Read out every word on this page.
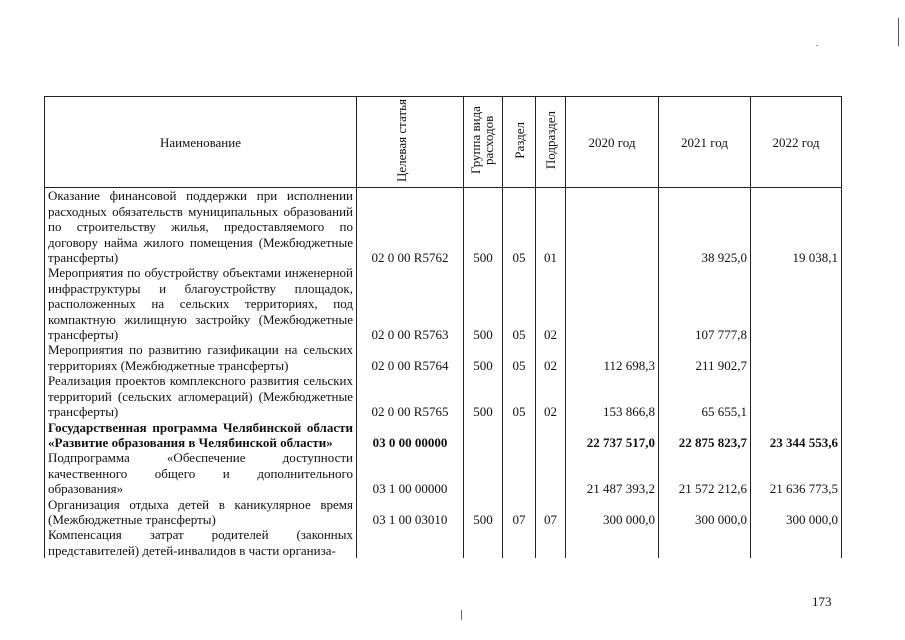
Наименование	Целевая статья	Группа вида расходов	Раздел	Подраздел	2020 год	2021 год	2022 год
Оказание финансовой поддержки при исполнении расходных обязательств муниципальных образований по строительству жилья, предоставляемого по договору найма жилого помещения (Межбюджетные трансферты)	02 0 00 R5762	500	05	01		38 925,0	19 038,1
Мероприятия по обустройству объектами инженерной инфраструктуры и благоустройству площадок, расположенных на сельских территориях, под компактную жилищную застройку (Межбюджетные трансферты)	02 0 00 R5763	500	05	02		107 777,8	
Мероприятия по развитию газификации на сельских территориях (Межбюджетные трансферты)	02 0 00 R5764	500	05	02	112 698,3	211 902,7	
Реализация проектов комплексного развития сельских территорий (сельских агломераций) (Межбюджетные трансферты)	02 0 00 R5765	500	05	02	153 866,8	65 655,1	
Государственная программа Челябинской области «Развитие образования в Челябинской области»	03 0 00 00000				22 737 517,0	22 875 823,7	23 344 553,6
Подпрограмма «Обеспечение доступности качественного общего и дополнительного образования»	03 1 00 00000				21 487 393,2	21 572 212,6	21 636 773,5
Организация отдыха детей в каникулярное время (Межбюджетные трансферты)	03 1 00 03010	500	07	07	300 000,0	300 000,0	300 000,0
Компенсация затрат родителей (законных представителей) детей-инвалидов в части организа-							
173
